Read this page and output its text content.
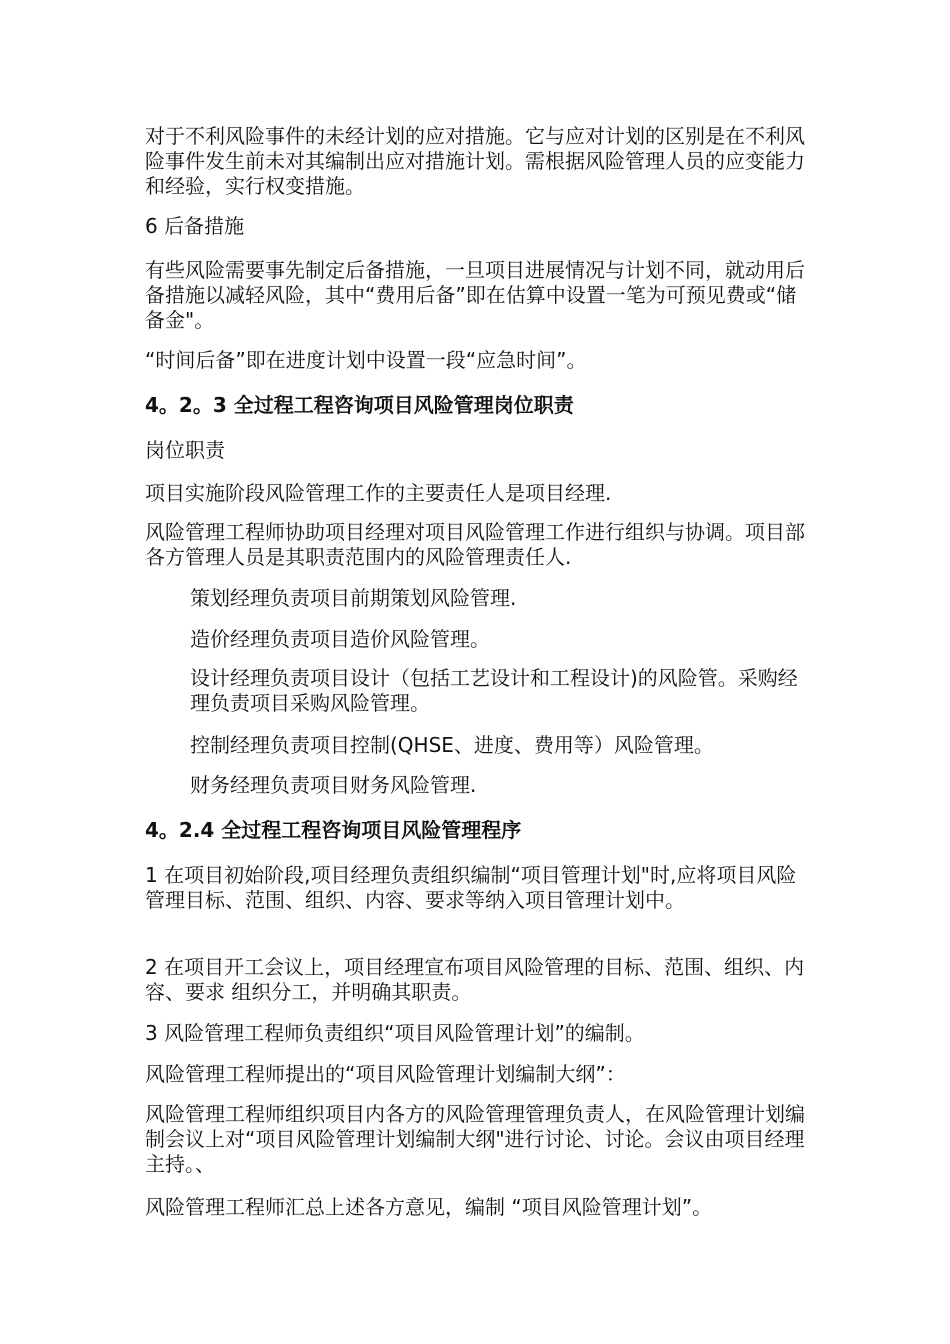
对于不利风险事件的未经计划的应对措施。它与应对计划的区别是在不利风险事件发生前未对其编制出应对措施计划。需根据风险管理人员的应变能力和经验，实行权变措施。

6 后备措施

有些风险需要事先制定后备措施，一旦项目进展情况与计划不同，就动用后备措施以减轻风险，其中“费用后备”即在估算中设置一笔为可预见费或“储备金"。

“时间后备”即在进度计划中设置一段“应急时间”。

4。2。3 全过程工程咨询项目风险管理岗位职责

岗位职责

项目实施阶段风险管理工作的主要责任人是项目经理.

风险管理工程师协助项目经理对项目风险管理工作进行组织与协调。项目部各方管理人员是其职责范围内的风险管理责任人.

策划经理负责项目前期策划风险管理.

造价经理负责项目造价风险管理。

设计经理负责项目设计（包括工艺设计和工程设计)的风险管。采购经理负责项目采购风险管理。

控制经理负责项目控制(QHSE、进度、费用等）风险管理。

财务经理负责项目财务风险管理.

4。2.4 全过程工程咨询项目风险管理程序

1 在项目初始阶段,项目经理负责组织编制“项目管理计划"时,应将项目风险管理目标、范围、组织、内容、要求等纳入项目管理计划中。

2 在项目开工会议上，项目经理宣布项目风险管理的目标、范围、组织、内容、要求 组织分工，并明确其职责。

3 风险管理工程师负责组织“项目风险管理计划”的编制。

风险管理工程师提出的“项目风险管理计划编制大纲”：

风险管理工程师组织项目内各方的风险管理管理负责人，在风险管理计划编制会议上对“项目风险管理计划编制大纲"进行讨论、讨论。会议由项目经理主持。、

风险管理工程师汇总上述各方意见，编制 “项目风险管理计划”。
